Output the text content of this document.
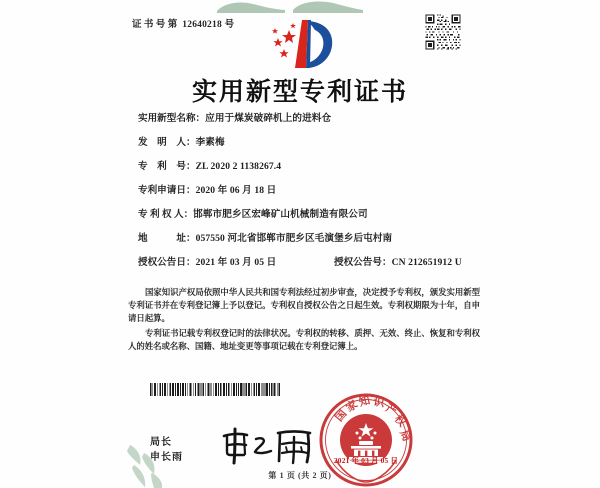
证书号第 12640218 号
实用新型专利证书
实用新型名称：应用于煤炭破碎机上的进料仓
发　明　人：李素梅
专　利　号：ZL 2020 2 1138267.4
专利申请日：2020 年 06 月 18 日
专 利 权 人：邯郸市肥乡区宏峰矿山机械制造有限公司
地　　　址：057550 河北省邯郸市肥乡区毛演堡乡后屯村南
授权公告日：2021 年 03 月 05 日	授权公告号：CN 212651912 U

国家知识产权局依照中华人民共和国专利法经过初步审查，决定授予专利权，颁发实用新型专利证书并在专利登记簿上予以登记。专利权自授权公告之日起生效。专利权期限为十年，自申请日起算。

专利证书记载专利权登记时的法律状况。专利权的转移、质押、无效、终止、恢复和专利权人的姓名或名称、国籍、地址变更等事项记载在专利登记簿上。

局长
申长雨
国
家
知 识
产
权
局
2021 年 03 月 05 日
第 1 页 (共 2 页)
